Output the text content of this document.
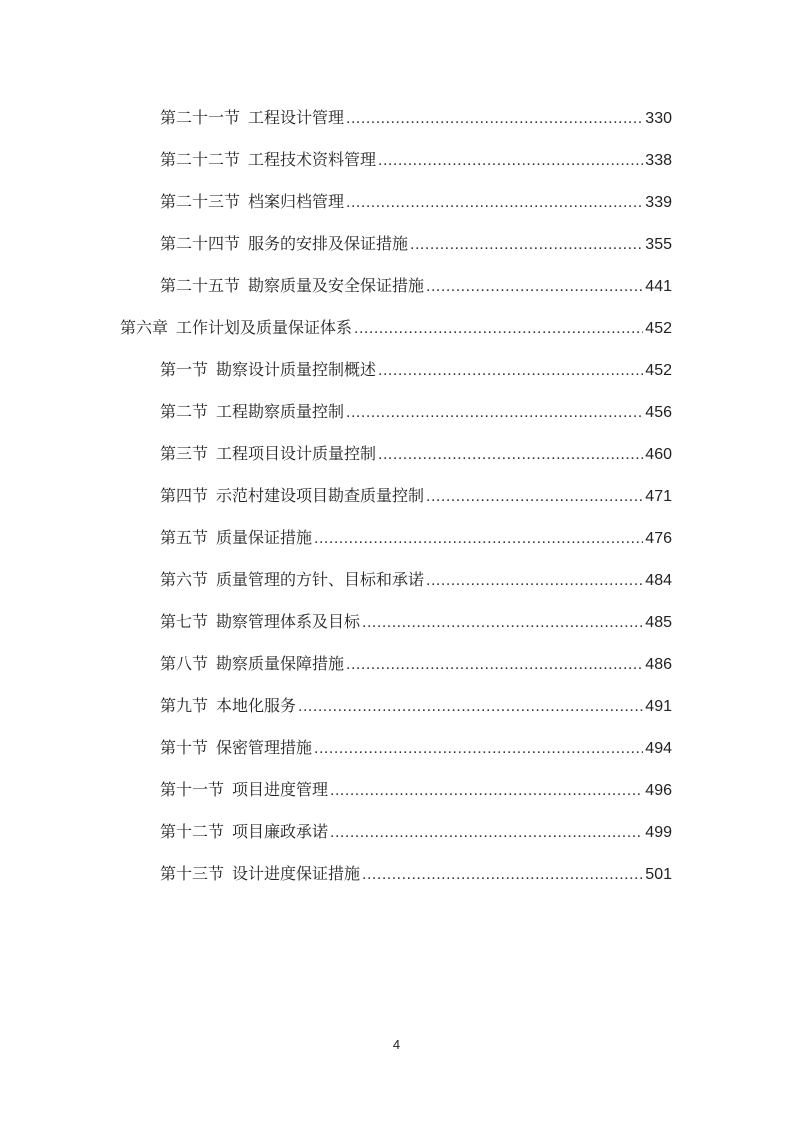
第二十一节 工程设计管理 .....	330
第二十二节 工程技术资料管理 .....	338
第二十三节 档案归档管理 .....	339
第二十四节 服务的安排及保证措施 .....	355
第二十五节 勘察质量及安全保证措施 .....	441
第六章 工作计划及质量保证体系 .....	452
第一节 勘察设计质量控制概述 .....	452
第二节 工程勘察质量控制 .....	456
第三节 工程项目设计质量控制 .....	460
第四节 示范村建设项目勘查质量控制 .....	471
第五节 质量保证措施 .....	476
第六节 质量管理的方针、目标和承诺 .....	484
第七节 勘察管理体系及目标 .....	485
第八节 勘察质量保障措施 .....	486
第九节 本地化服务 .....	491
第十节 保密管理措施 .....	494
第十一节 项目进度管理 .....	496
第十二节 项目廉政承诺 .....	499
第十三节 设计进度保证措施 .....	501
4
